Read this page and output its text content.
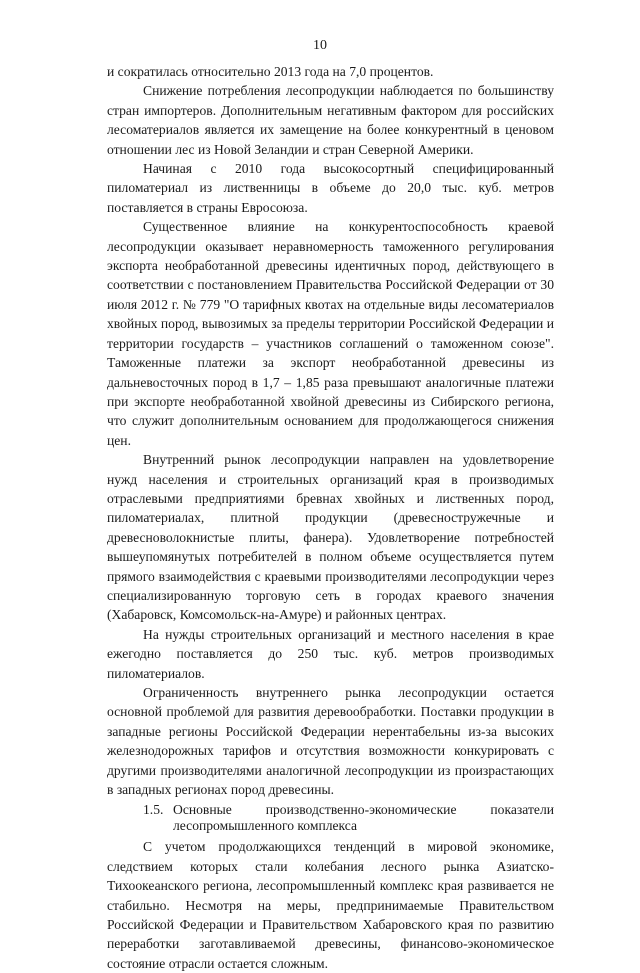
10

и сократилась относительно 2013 года на 7,0 процентов.

Снижение потребления лесопродукции наблюдается по большинству стран импортеров. Дополнительным негативным фактором для российских лесоматериалов является их замещение на более конкурентный в ценовом отношении лес из Новой Зеландии и стран Северной Америки.

Начиная с 2010 года высокосортный специфицированный пиломатериал из лиственницы в объеме до 20,0 тыс. куб. метров поставляется в страны Евросоюза.

Существенное влияние на конкурентоспособность краевой лесопродукции оказывает неравномерность таможенного регулирования экспорта необработанной древесины идентичных пород, действующего в соответствии с постановлением Правительства Российской Федерации от 30 июля 2012 г. № 779 "О тарифных квотах на отдельные виды лесоматериалов хвойных пород, вывозимых за пределы территории Российской Федерации и территории государств – участников соглашений о таможенном союзе". Таможенные платежи за экспорт необработанной древесины из дальневосточных пород в 1,7 – 1,85 раза превышают аналогичные платежи при экспорте необработанной хвойной древесины из Сибирского региона, что служит дополнительным основанием для продолжающегося снижения цен.

Внутренний рынок лесопродукции направлен на удовлетворение нужд населения и строительных организаций края в производимых отраслевыми предприятиями бревнах хвойных и лиственных пород, пиломатериалах, плитной продукции (древесностружечные и древесноволокнистые плиты, фанера). Удовлетворение потребностей вышеупомянутых потребителей в полном объеме осуществляется путем прямого взаимодействия с краевыми производителями лесопродукции через специализированную торговую сеть в городах краевого значения (Хабаровск, Комсомольск-на-Амуре) и районных центрах.

На нужды строительных организаций и местного населения в крае ежегодно поставляется до 250 тыс. куб. метров производимых пиломатериалов.

Ограниченность внутреннего рынка лесопродукции остается основной проблемой для развития деревообработки. Поставки продукции в западные регионы Российской Федерации нерентабельны из-за высоких железнодорожных тарифов и отсутствия возможности конкурировать с другими производителями аналогичной лесопродукции из произрастающих в западных регионах пород древесины.

1.5. Основные производственно-экономические показатели лесопромышленного комплекса

С учетом продолжающихся тенденций в мировой экономике, следствием которых стали колебания лесного рынка Азиатско-Тихоокеанского региона, лесопромышленный комплекс края развивается не стабильно. Несмотря на меры, предпринимаемые Правительством Российской Федерации и Правительством Хабаровского края по развитию переработки заготавливаемой древесины, финансово-экономическое состояние отрасли остается сложным.
